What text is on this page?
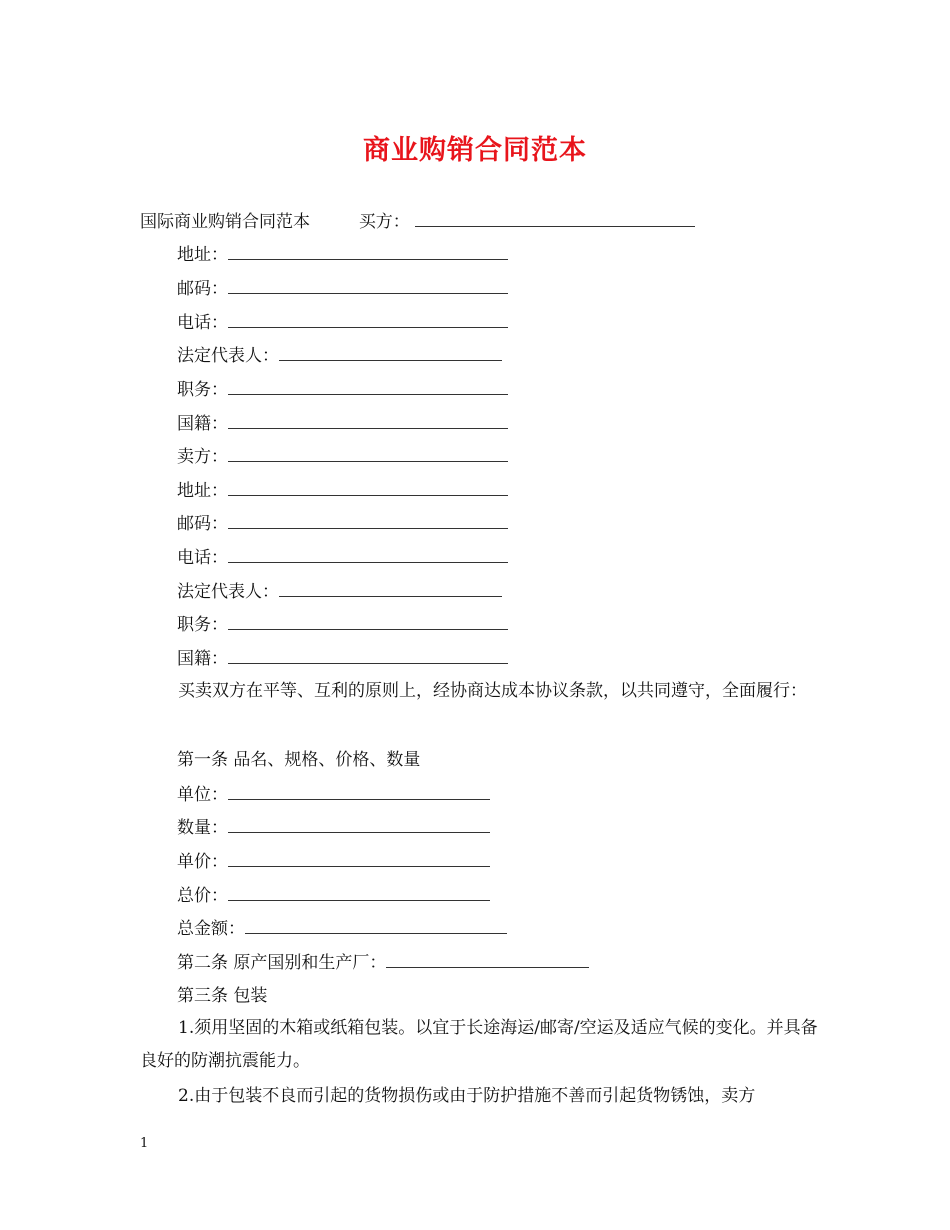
商业购销合同范本
国际商业购销合同范本	买方：
地址：
邮码：
电话：
法定代表人：
职务：
国籍：
卖方：
地址：
邮码：
电话：
法定代表人：
职务：
国籍：
买卖双方在平等、互利的原则上，经协商达成本协议条款，以共同遵守，全面履行：
第一条 品名、规格、价格、数量
单位：
数量：
单价：
总价：
总金额：
第二条 原产国别和生产厂：
第三条 包装
1.须用坚固的木箱或纸箱包装。以宜于长途海运/邮寄/空运及适应气候的变化。并具备良好的防潮抗震能力。
2.由于包装不良而引起的货物损伤或由于防护措施不善而引起货物锈蚀，卖方
1
